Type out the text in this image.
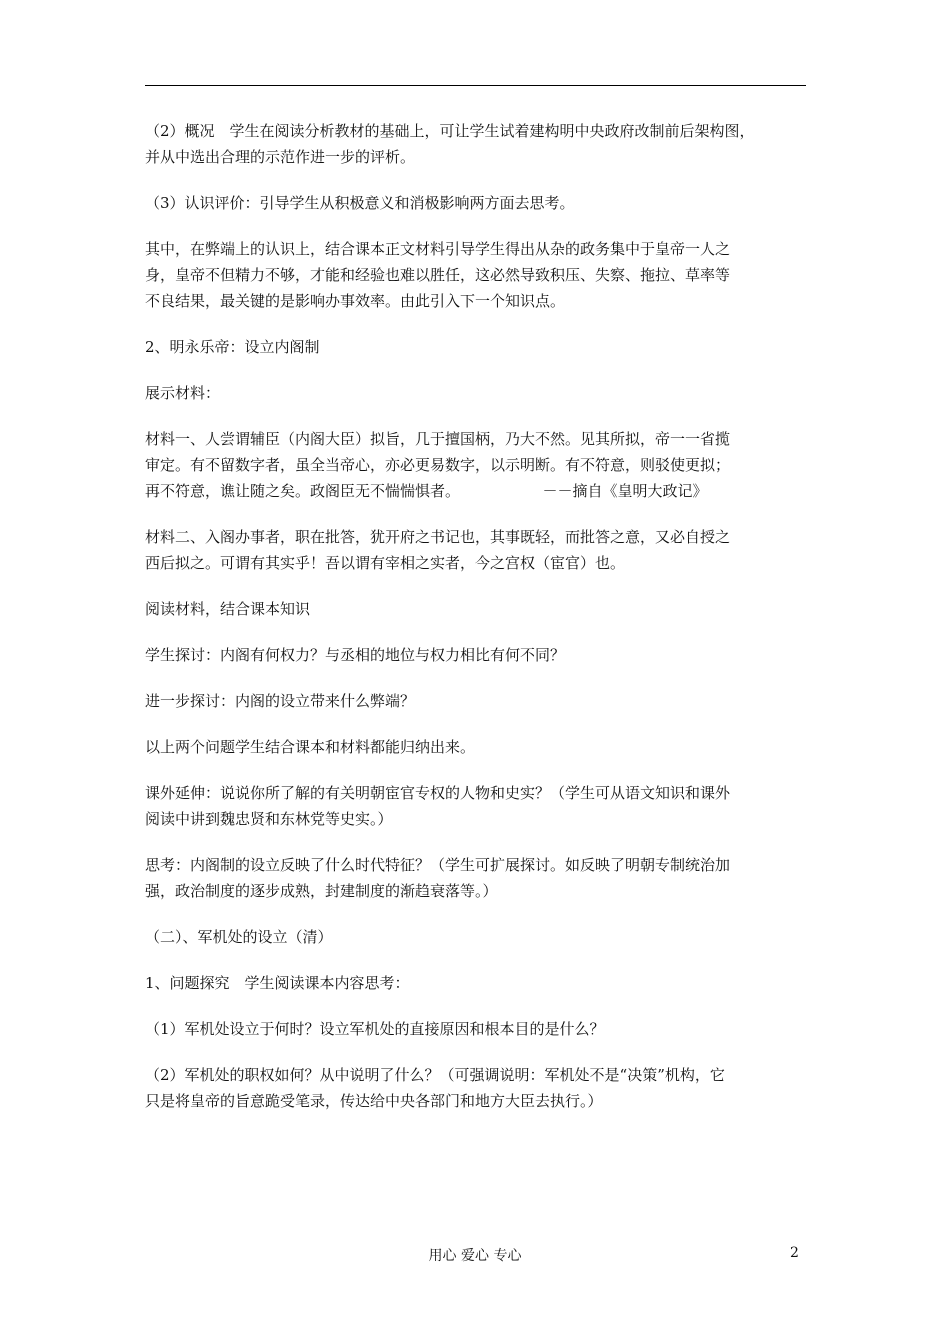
（2）概况　学生在阅读分析教材的基础上，可让学生试着建构明中央政府改制前后架构图，
并从中选出合理的示范作进一步的评析。

（3）认识评价：引导学生从积极意义和消极影响两方面去思考。

其中，在弊端上的认识上，结合课本正文材料引导学生得出从杂的政务集中于皇帝一人之
身，皇帝不但精力不够，才能和经验也难以胜任，这必然导致积压、失察、拖拉、草率等
不良结果，最关键的是影响办事效率。由此引入下一个知识点。

2、明永乐帝：设立内阁制

展示材料：

材料一、人尝谓辅臣（内阁大臣）拟旨，几于擅国柄，乃大不然。见其所拟，帝一一省揽
审定。有不留数字者，虽全当帝心，亦必更易数字，以示明断。有不符意，则驳使更拟；
再不符意，谯让随之矣。政阁臣无不惴惴惧者。　　　　　　－－摘自《皇明大政记》

材料二、入阁办事者，职在批答，犹开府之书记也，其事既轻，而批答之意，又必自授之
西后拟之。可谓有其实乎！吾以谓有宰相之实者，今之宫权（宦官）也。

阅读材料，结合课本知识

学生探讨：内阁有何权力？与丞相的地位与权力相比有何不同？

进一步探讨：内阁的设立带来什么弊端？

以上两个问题学生结合课本和材料都能归纳出来。

课外延伸：说说你所了解的有关明朝宦官专权的人物和史实？（学生可从语文知识和课外
阅读中讲到魏忠贤和东林党等史实。）

思考：内阁制的设立反映了什么时代特征？（学生可扩展探讨。如反映了明朝专制统治加
强，政治制度的逐步成熟，封建制度的渐趋衰落等。）

（二）、军机处的设立（清）

1、问题探究　学生阅读课本内容思考：

（1）军机处设立于何时？设立军机处的直接原因和根本目的是什么？

（2）军机处的职权如何？从中说明了什么？（可强调说明：军机处不是“决策”机构，它
只是将皇帝的旨意跪受笔录，传达给中央各部门和地方大臣去执行。）

用心 爱心 专心	2
